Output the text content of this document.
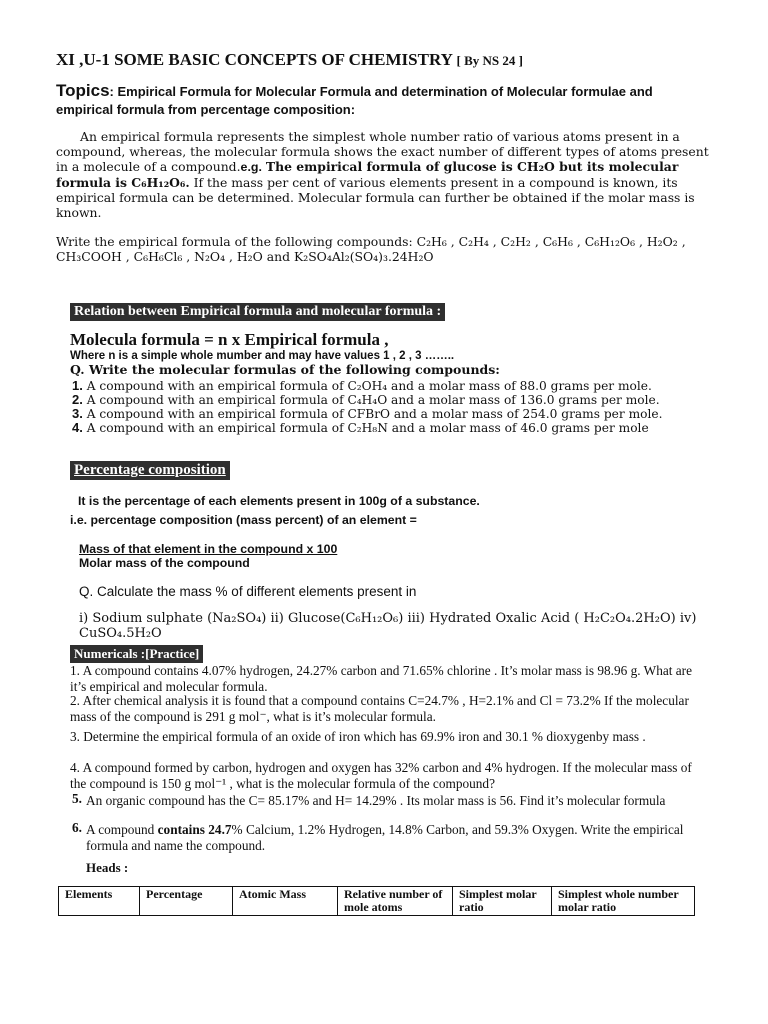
XI ,U-1 SOME BASIC CONCEPTS OF CHEMISTRY [ By NS 24 ]
Topics: Empirical Formula for Molecular Formula and determination of Molecular formulae and empirical formula from percentage composition:
An empirical formula represents the simplest whole number ratio of various atoms present in a compound, whereas, the molecular formula shows the exact number of different types of atoms present in a molecule of a compound.e.g. The empirical formula of glucose is CH₂O but its molecular formula is C₆H₁₂O₆. If the mass per cent of various elements present in a compound is known, its empirical formula can be determined. Molecular formula can further be obtained if the molar mass is known.
Write the empirical formula of the following compounds: C₂H₆ , C₂H₄ , C₂H₂ , C₆H₆ , C₆H₁₂O₆ , H₂O₂ , CH₃COOH , C₆H₆Cl₆ , N₂O₄ , H₂O and K₂SO₄Al₂(SO₄)₃.24H₂O
Relation between Empirical formula and molecular formula :
Molecula formula = n x Empirical formula ,
Where n is a simple whole mumber and may have values 1 , 2 , 3 ……..
Q. Write the molecular formulas of the following compounds:
1. A compound with an empirical formula of C₂OH₄ and a molar mass of 88.0 grams per mole.
2. A compound with an empirical formula of C₄H₄O and a molar mass of 136.0 grams per mole.
3. A compound with an empirical formula of CFBrO and a molar mass of 254.0 grams per mole.
4. A compound with an empirical formula of C₂H₈N and a molar mass of 46.0 grams per mole
Percentage composition
It is the percentage of each elements present in 100g of a substance.
i.e. percentage composition (mass percent) of an element =
Mass of that element in the compound x 100
Molar mass of the compound
Q. Calculate the mass % of different elements present in
i) Sodium sulphate (Na₂SO₄) ii) Glucose(C₆H₁₂O₆) iii) Hydrated Oxalic Acid ( H₂C₂O₄.2H₂O) iv) CuSO₄.5H₂O
Numericals :[Practice]
1. A compound contains 4.07% hydrogen, 24.27% carbon and 71.65% chlorine . It’s molar mass is 98.96 g. What are it’s empirical and molecular formula.
2. After chemical analysis it is found that a compound contains C=24.7% , H=2.1% and Cl = 73.2% If the molecular mass of the compound is 291 g mol⁻, what is it’s molecular formula.
3. Determine the empirical formula of an oxide of iron which has 69.9% iron and 30.1 % dioxygenby mass .
4. A compound formed by carbon, hydrogen and oxygen has 32% carbon and 4% hydrogen. If the molecular mass of the compound is 150 g mol⁻¹ , what is the molecular formula of the compound?
5. An organic compound has the C= 85.17% and H= 14.29% . Its molar mass is 56. Find it’s molecular formula
6. A compound contains 24.7% Calcium, 1.2% Hydrogen, 14.8% Carbon, and 59.3% Oxygen. Write the empirical formula and name the compound.
Heads :
Elements	Percentage	Atomic Mass	Relative number of mole atoms	Simplest molar ratio	Simplest whole number molar ratio
